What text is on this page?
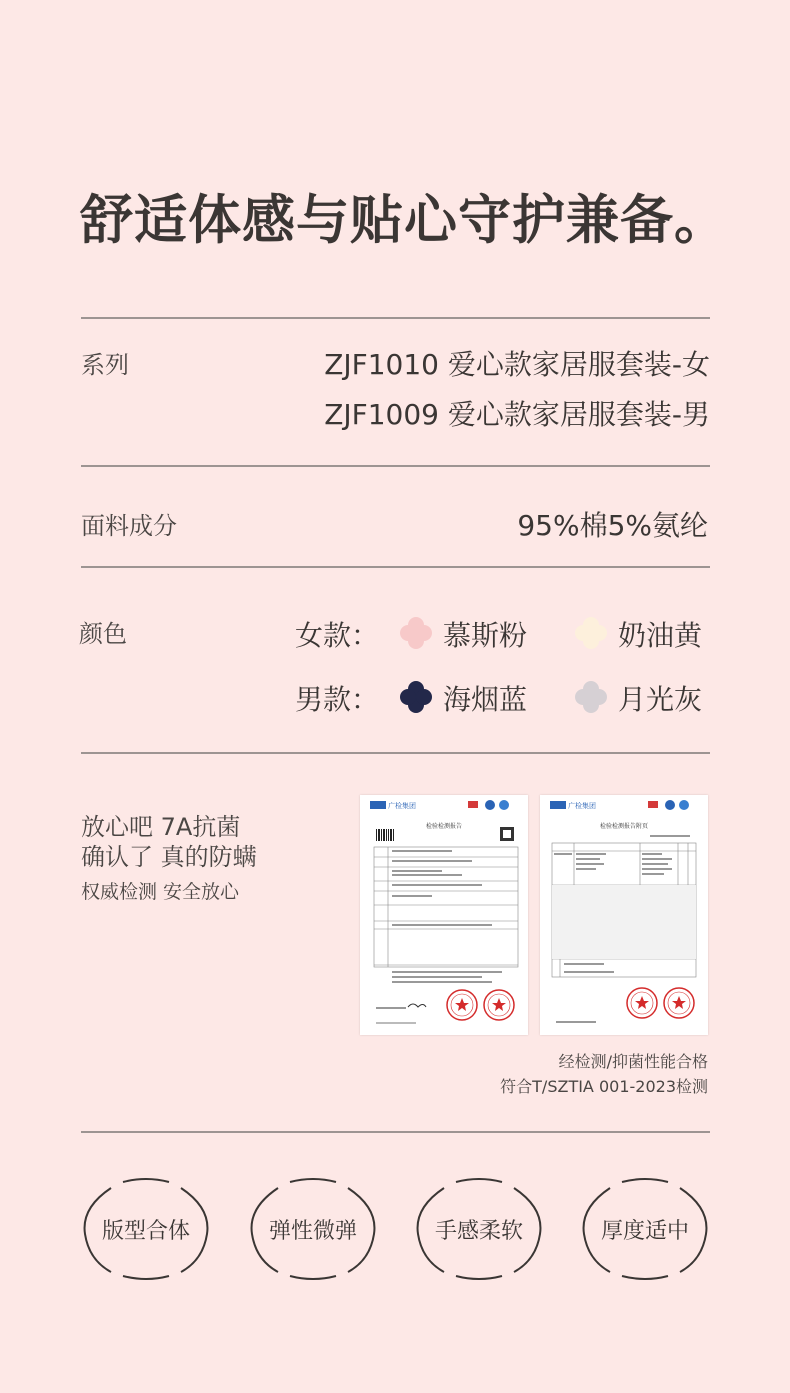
舒适体感与贴心守护兼备。
系列	ZJF1010 爱心款家居服套装-女
ZJF1009 爱心款家居服套装-男
面料成分	95%棉5%氨纶
颜色	女款： 慕斯粉	奶油黄
男款： 海烟蓝	月光灰
放心吧 7A抗菌
确认了 真的防螨
权威检测 安全放心
广检集团
检验检测报告
广检集团
检验检测报告附页
经检测/抑菌性能合格
符合T/SZTIA 001-2023检测
版型合体	弹性微弹	手感柔软	厚度适中
